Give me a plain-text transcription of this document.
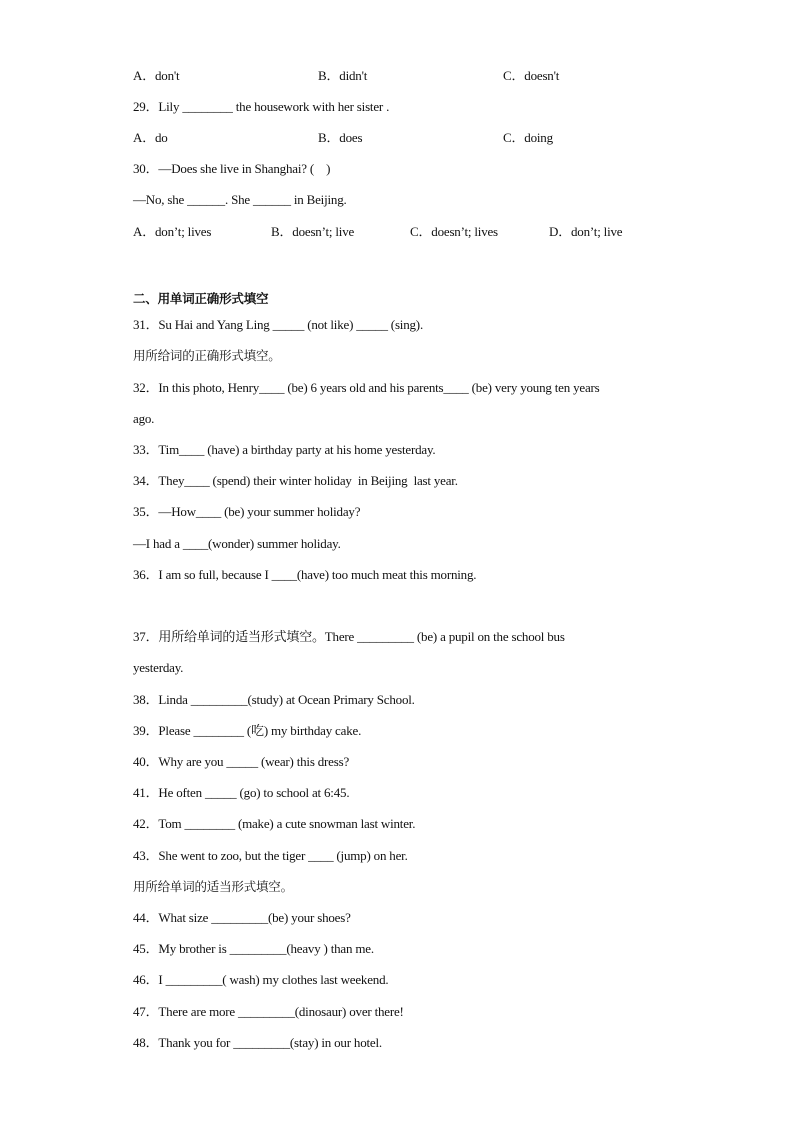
A．don't	B．didn't	C．doesn't
29．Lily ________ the housework with her sister .
A．do	B．does	C．doing
30．—Does she live in Shanghai? (    )
—No, she ______. She ______ in Beijing.
A．don’t; lives	B．doesn’t; live	C．doesn’t; lives	D．don’t; live
二、用单词正确形式填空
31．Su Hai and Yang Ling _____ (not like) _____ (sing).
用所给词的正确形式填空。
32．In this photo, Henry____ (be) 6 years old and his parents____ (be) very young ten years
ago.
33．Tim____ (have) a birthday party at his home yesterday.
34．They____ (spend) their winter holiday  in Beijing  last year.
35．—How____ (be) your summer holiday?
—I had a ____(wonder) summer holiday.
36．I am so full, because I ____(have) too much meat this morning.
37．用所给单词的适当形式填空。There _________ (be) a pupil on the school bus
yesterday.
38．Linda _________(study) at Ocean Primary School.
39．Please ________ (吃) my birthday cake.
40．Why are you _____ (wear) this dress?
41．He often _____ (go) to school at 6:45.
42．Tom ________ (make) a cute snowman last winter.
43．She went to zoo, but the tiger ____ (jump) on her.
用所给单词的适当形式填空。
44．What size _________(be) your shoes?
45．My brother is _________(heavy ) than me.
46．I _________( wash) my clothes last weekend.
47．There are more _________(dinosaur) over there!
48．Thank you for _________(stay) in our hotel.
